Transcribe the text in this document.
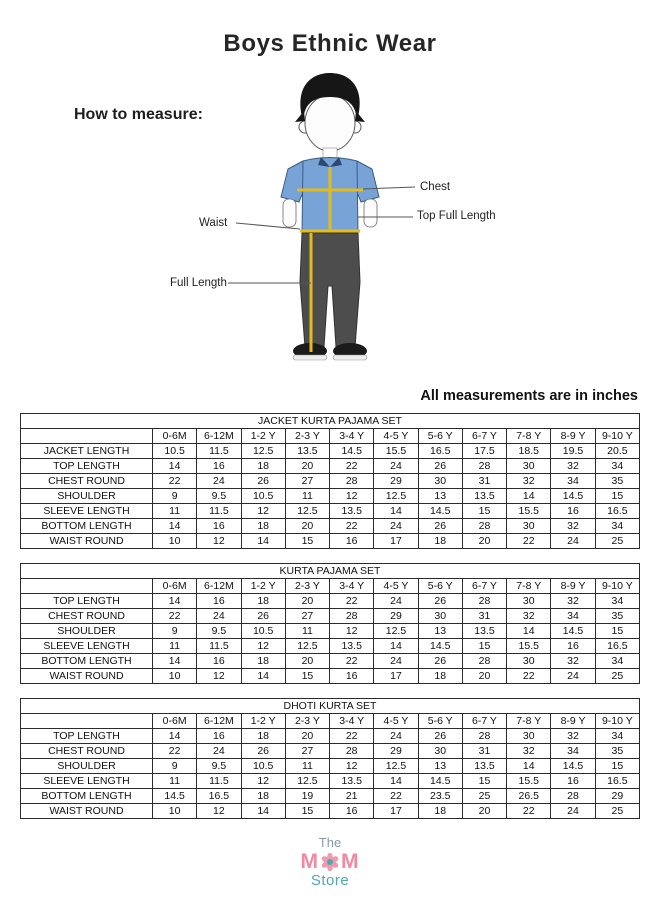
Boys Ethnic Wear
How to measure:
Chest
Top Full Length
Waist
Full Length
All measurements are in inches
JACKET KURTA PAJAMA SET											
	0-6M	6-12M	1-2 Y	2-3 Y	3-4 Y	4-5 Y	5-6 Y	6-7 Y	7-8 Y	8-9 Y	9-10 Y
JACKET LENGTH	10.5	11.5	12.5	13.5	14.5	15.5	16.5	17.5	18.5	19.5	20.5
TOP LENGTH	14	16	18	20	22	24	26	28	30	32	34
CHEST ROUND	22	24	26	27	28	29	30	31	32	34	35
SHOULDER	9	9.5	10.5	11	12	12.5	13	13.5	14	14.5	15
SLEEVE LENGTH	11	11.5	12	12.5	13.5	14	14.5	15	15.5	16	16.5
BOTTOM LENGTH	14	16	18	20	22	24	26	28	30	32	34
WAIST ROUND	10	12	14	15	16	17	18	20	22	24	25
KURTA PAJAMA SET											
	0-6M	6-12M	1-2 Y	2-3 Y	3-4 Y	4-5 Y	5-6 Y	6-7 Y	7-8 Y	8-9 Y	9-10 Y
TOP LENGTH	14	16	18	20	22	24	26	28	30	32	34
CHEST ROUND	22	24	26	27	28	29	30	31	32	34	35
SHOULDER	9	9.5	10.5	11	12	12.5	13	13.5	14	14.5	15
SLEEVE LENGTH	11	11.5	12	12.5	13.5	14	14.5	15	15.5	16	16.5
BOTTOM LENGTH	14	16	18	20	22	24	26	28	30	32	34
WAIST ROUND	10	12	14	15	16	17	18	20	22	24	25
DHOTI KURTA SET											
	0-6M	6-12M	1-2 Y	2-3 Y	3-4 Y	4-5 Y	5-6 Y	6-7 Y	7-8 Y	8-9 Y	9-10 Y
TOP LENGTH	14	16	18	20	22	24	26	28	30	32	34
CHEST ROUND	22	24	26	27	28	29	30	31	32	34	35
SHOULDER	9	9.5	10.5	11	12	12.5	13	13.5	14	14.5	15
SLEEVE LENGTH	11	11.5	12	12.5	13.5	14	14.5	15	15.5	16	16.5
BOTTOM LENGTH	14.5	16.5	18	19	21	22	23.5	25	26.5	28	29
WAIST ROUND	10	12	14	15	16	17	18	20	22	24	25
The
M M
Store
